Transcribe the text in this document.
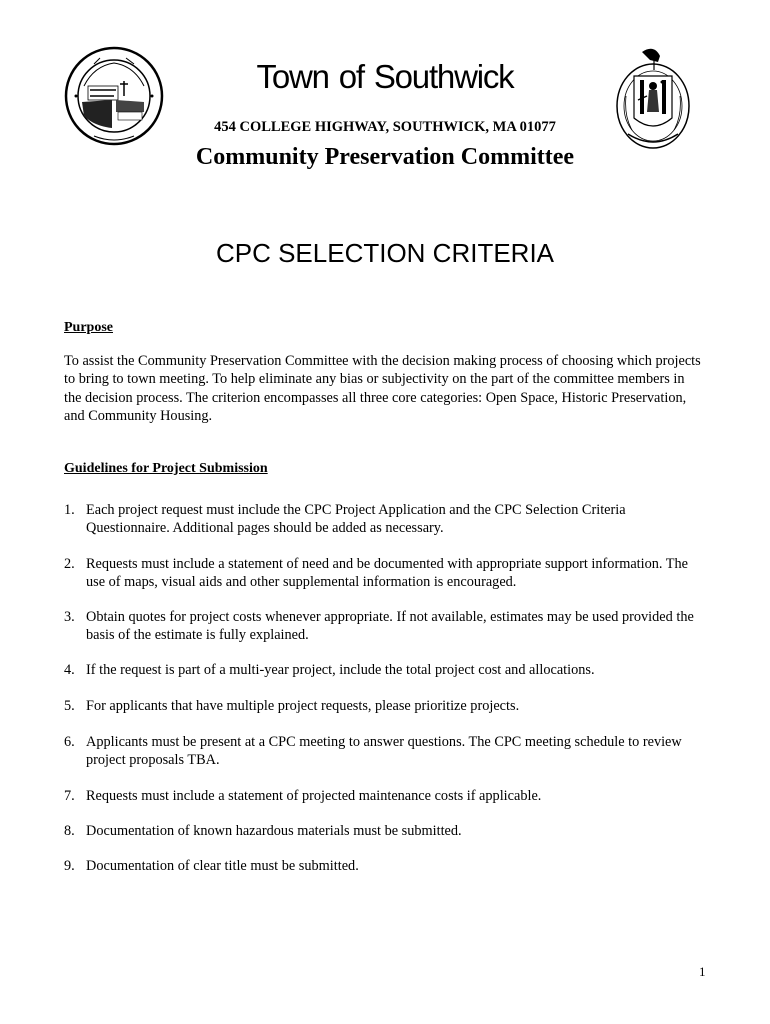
Town of Southwick
454 COLLEGE HIGHWAY, SOUTHWICK, MA 01077
Community Preservation Committee
CPC SELECTION CRITERIA
Purpose
To assist the Community Preservation Committee with the decision making process of choosing which projects to bring to town meeting. To help eliminate any bias or subjectivity on the part of the committee members in the decision process. The criterion encompasses all three core categories: Open Space, Historic Preservation, and Community Housing.
Guidelines for Project Submission
1. Each project request must include the CPC Project Application and the CPC Selection Criteria Questionnaire. Additional pages should be added as necessary.
2. Requests must include a statement of need and be documented with appropriate support information. The use of maps, visual aids and other supplemental information is encouraged.
3. Obtain quotes for project costs whenever appropriate. If not available, estimates may be used provided the basis of the estimate is fully explained.
4. If the request is part of a multi-year project, include the total project cost and allocations.
5. For applicants that have multiple project requests, please prioritize projects.
6. Applicants must be present at a CPC meeting to answer questions. The CPC meeting schedule to review project proposals TBA.
7. Requests must include a statement of projected maintenance costs if applicable.
8. Documentation of known hazardous materials must be submitted.
9. Documentation of clear title must be submitted.
1
